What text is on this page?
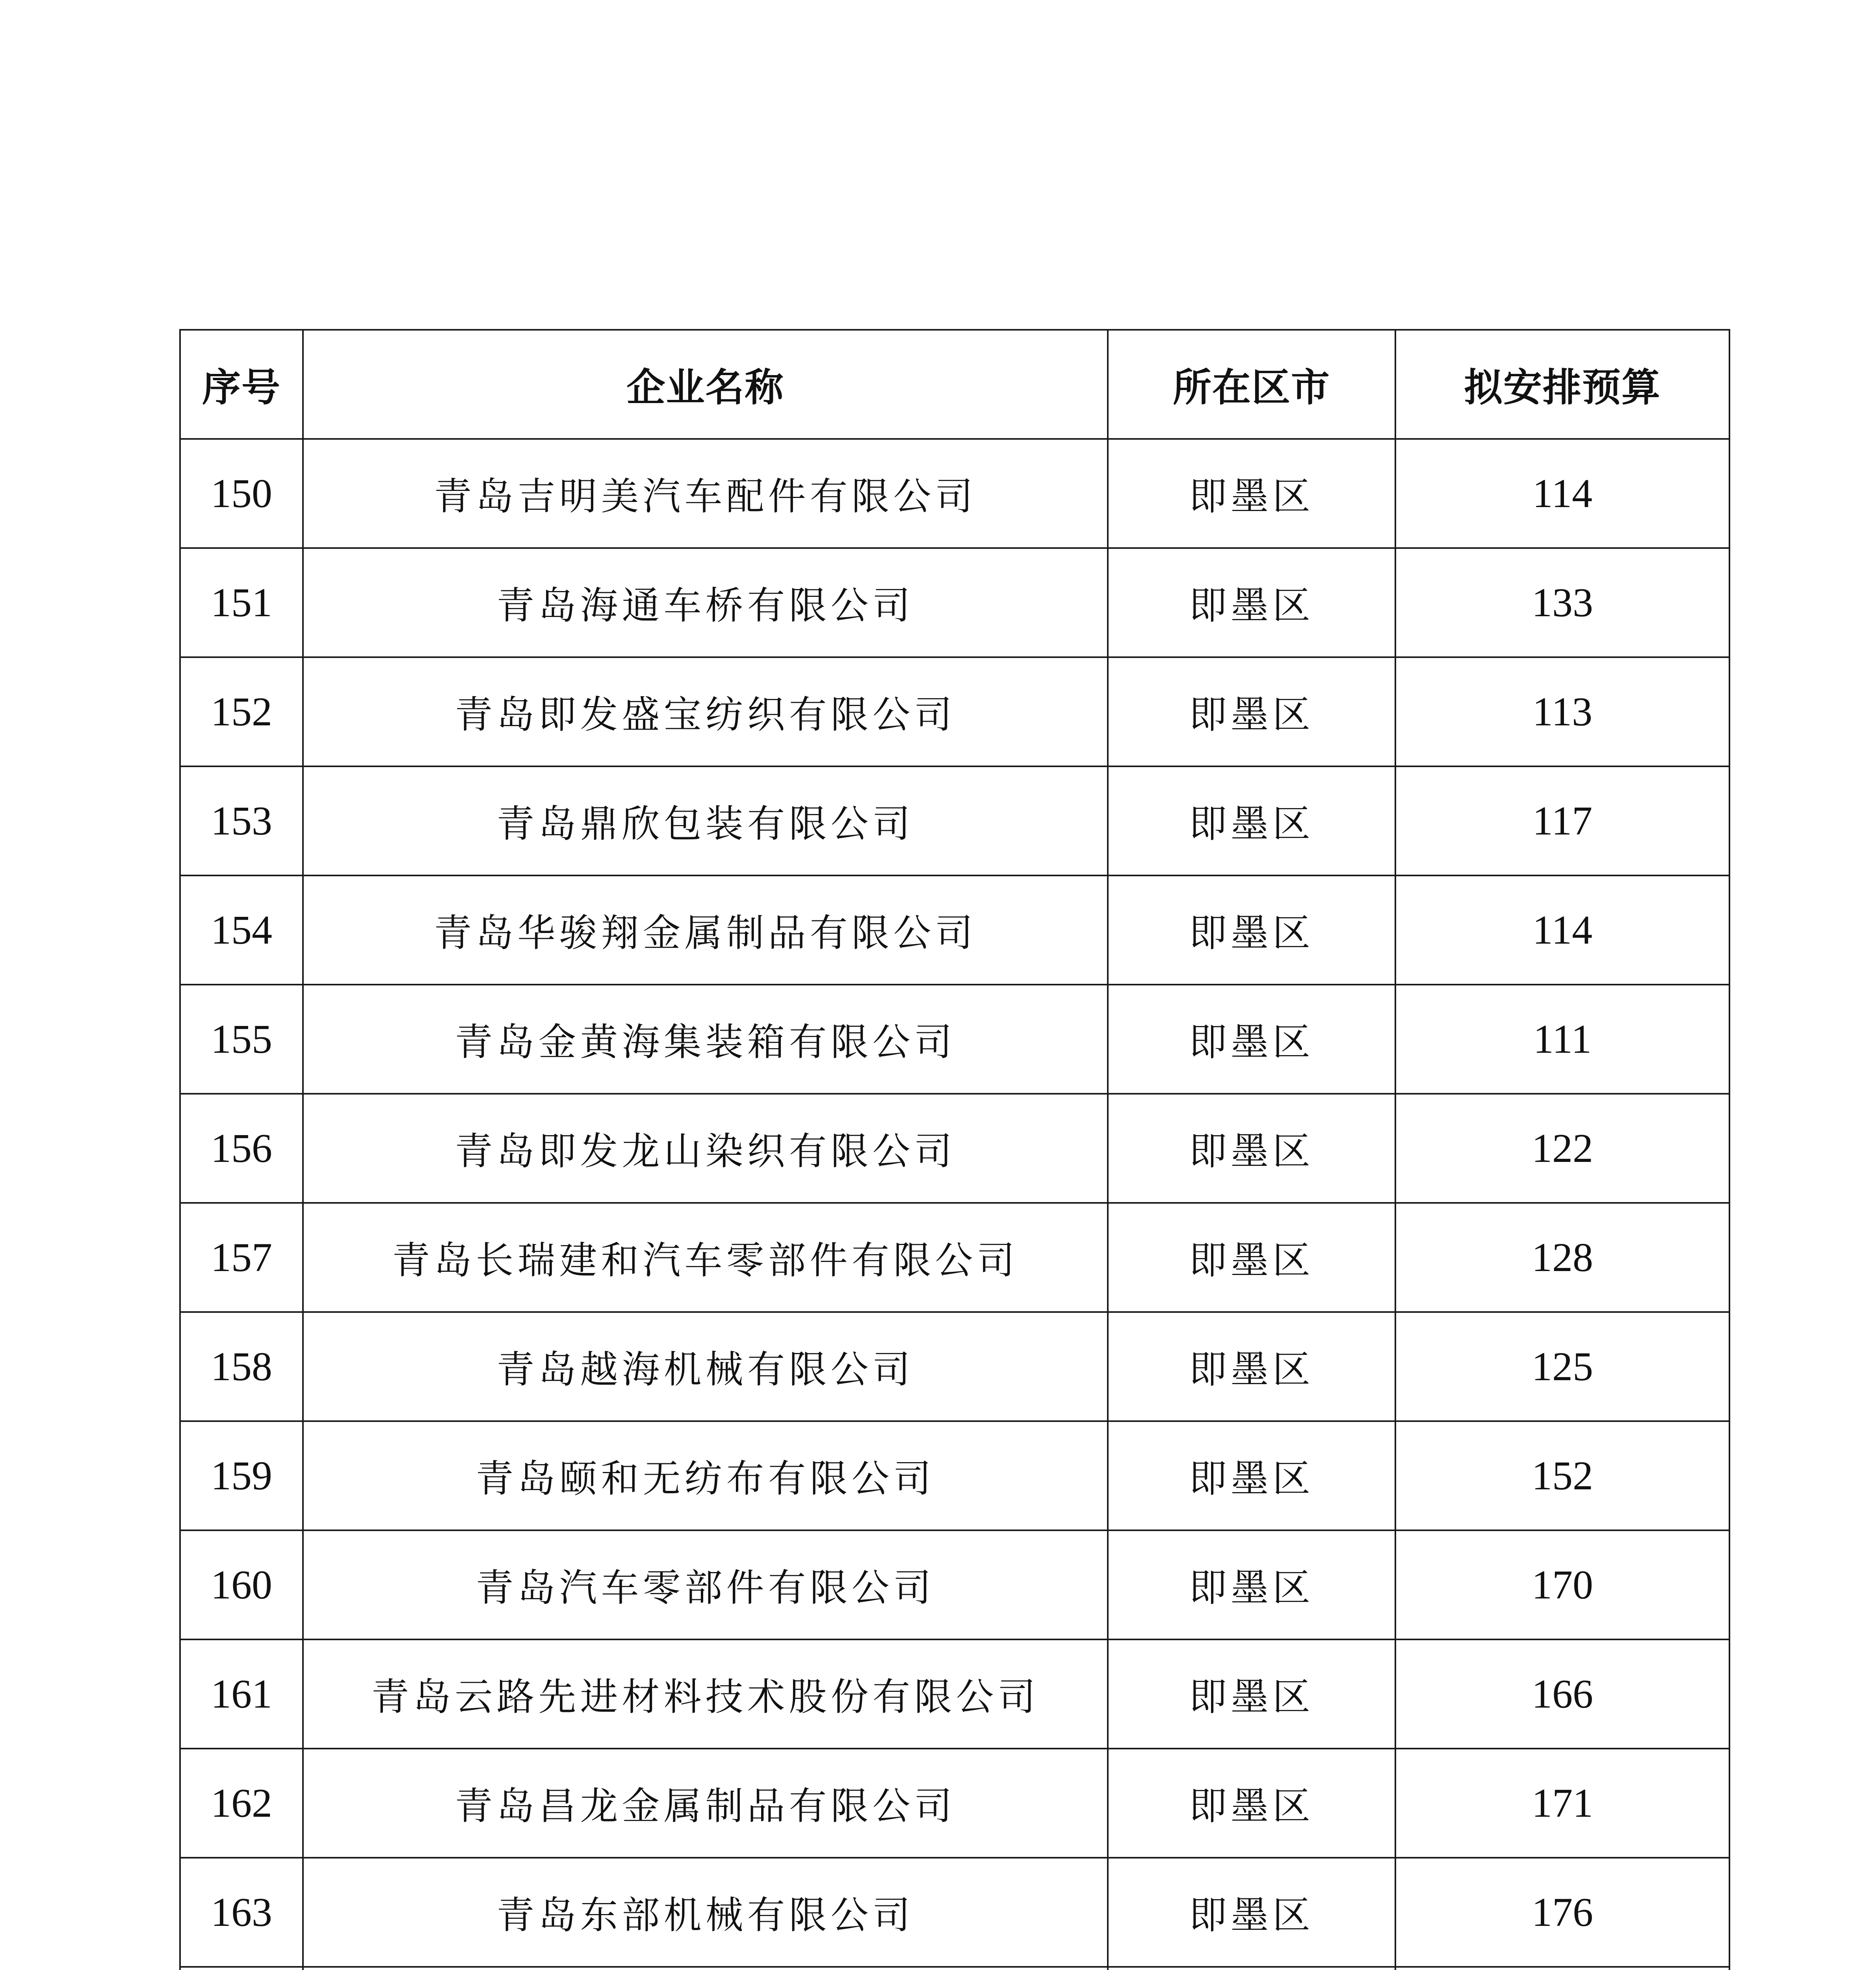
序号	企业名称	所在区市	拟安排预算
150	青岛吉明美汽车配件有限公司	即墨区	114
151	青岛海通车桥有限公司	即墨区	133
152	青岛即发盛宝纺织有限公司	即墨区	113
153	青岛鼎欣包装有限公司	即墨区	117
154	青岛华骏翔金属制品有限公司	即墨区	114
155	青岛金黄海集装箱有限公司	即墨区	111
156	青岛即发龙山染织有限公司	即墨区	122
157	青岛长瑞建和汽车零部件有限公司	即墨区	128
158	青岛越海机械有限公司	即墨区	125
159	青岛颐和无纺布有限公司	即墨区	152
160	青岛汽车零部件有限公司	即墨区	170
161	青岛云路先进材料技术股份有限公司	即墨区	166
162	青岛昌龙金属制品有限公司	即墨区	171
163	青岛东部机械有限公司	即墨区	176
